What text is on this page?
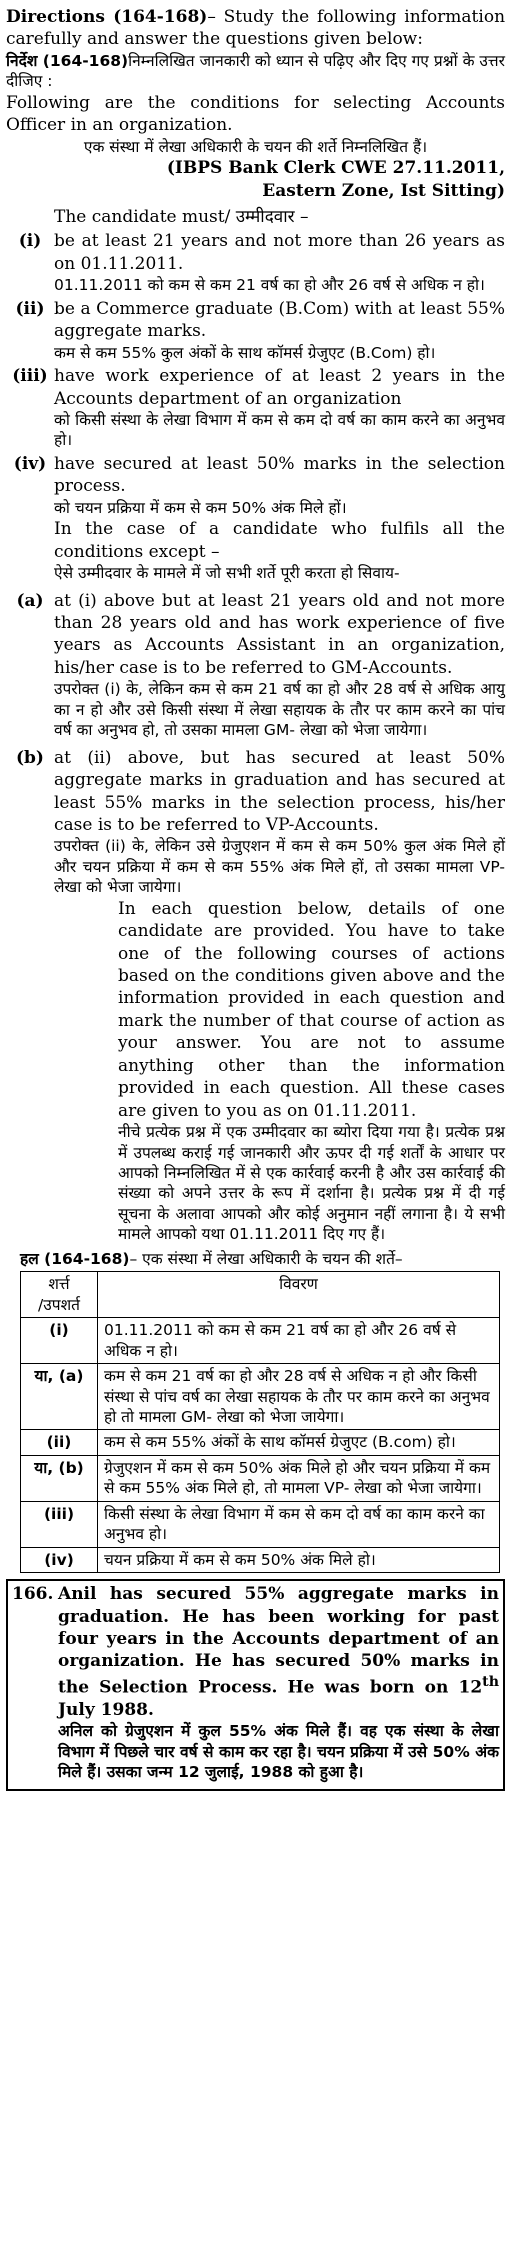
Directions (164-168)– Study the following information carefully and answer the questions given below:

निर्देश (164-168)निम्नलिखित जानकारी को ध्यान से पढ़िए और दिए गए प्रश्नों के उत्तर दीजिए :

Following are the conditions for selecting Accounts Officer in an organization.

एक संस्था में लेखा अधिकारी के चयन की शर्ते निम्नलिखित हैं।

(IBPS Bank Clerk CWE 27.11.2011,

Eastern Zone, Ist Sitting)

The candidate must/ उम्मीदवार –

(i) be at least 21 years and not more than 26 years as on 01.11.2011.

01.11.2011 को कम से कम 21 वर्ष का हो और 26 वर्ष से अधिक न हो।

(ii) be a Commerce graduate (B.Com) with at least 55% aggregate marks.

कम से कम 55% कुल अंकों के साथ कॉमर्स ग्रेजुएट (B.Com) हो।

(iii) have work experience of at least 2 years in the Accounts department of an organization

को किसी संस्था के लेखा विभाग में कम से कम दो वर्ष का काम करने का अनुभव हो।

(iv) have secured at least 50% marks in the selection process.

को चयन प्रक्रिया में कम से कम 50% अंक मिले हों।

In the case of a candidate who fulfils all the conditions except –

ऐसे उम्मीदवार के मामले में जो सभी शर्ते पूरी करता हो सिवाय-

(a) at (i) above but at least 21 years old and not more than 28 years old and has work experience of five years as Accounts Assistant in an organization, his/her case is to be referred to GM-Accounts.

उपरोक्त (i) के, लेकिन कम से कम 21 वर्ष का हो और 28 वर्ष से अधिक आयु का न हो और उसे किसी संस्था में लेखा सहायक के तौर पर काम करने का पांच वर्ष का अनुभव हो, तो उसका मामला GM- लेखा को भेजा जायेगा।

(b) at (ii) above, but has secured at least 50% aggregate marks in graduation and has secured at least 55% marks in the selection process, his/her case is to be referred to VP-Accounts.

उपरोक्त (ii) के, लेकिन उसे ग्रेजुएशन में कम से कम 50% कुल अंक मिले हों और चयन प्रक्रिया में कम से कम 55% अंक मिले हों, तो उसका मामला VP- लेखा को भेजा जायेगा।

In each question below, details of one candidate are provided. You have to take one of the following courses of actions based on the conditions given above and the information provided in each question and mark the number of that course of action as your answer. You are not to assume anything other than the information provided in each question. All these cases are given to you as on 01.11.2011.

नीचे प्रत्येक प्रश्न में एक उम्मीदवार का ब्योरा दिया गया है। प्रत्येक प्रश्न में उपलब्ध कराई गई जानकारी और ऊपर दी गई शर्तों के आधार पर आपको निम्नलिखित में से एक कार्रवाई करनी है और उस कार्रवाई की संख्या को अपने उत्तर के रूप में दर्शाना है। प्रत्येक प्रश्न में दी गई सूचना के अलावा आपको और कोई अनुमान नहीं लगाना है। ये सभी मामले आपको यथा 01.11.2011 दिए गए हैं।

हल (164-168)– एक संस्था में लेखा अधिकारी के चयन की शर्ते–

शर्त्त
/उपशर्त	विवरण
(i)	01.11.2011 को कम से कम 21 वर्ष का हो और 26 वर्ष से अधिक न हो।
या, (a)	कम से कम 21 वर्ष का हो और 28 वर्ष से अधिक न हो और किसी संस्था से पांच वर्ष का लेखा सहायक के तौर पर काम करने का अनुभव हो तो मामला GM- लेखा को भेजा जायेगा।
(ii)	कम से कम 55% अंकों के साथ कॉमर्स ग्रेजुएट (B.com) हो।
या, (b)	ग्रेजुएशन में कम से कम 50% अंक मिले हो और चयन प्रक्रिया में कम से कम 55% अंक मिले हो, तो मामला VP- लेखा को भेजा जायेगा।
(iii)	किसी संस्था के लेखा विभाग में कम से कम दो वर्ष का काम करने का अनुभव हो।
(iv)	चयन प्रक्रिया में कम से कम 50% अंक मिले हो।
166. Anil has secured 55% aggregate marks in graduation. He has been working for past four years in the Accounts department of an organization. He has secured 50% marks in the Selection Process. He was born on 12th July 1988.

अनिल को ग्रेजुएशन में कुल 55% अंक मिले हैं। वह एक संस्था के लेखा विभाग में पिछले चार वर्ष से काम कर रहा है। चयन प्रक्रिया में उसे 50% अंक मिले हैं। उसका जन्म 12 जुलाई, 1988 को हुआ है।
